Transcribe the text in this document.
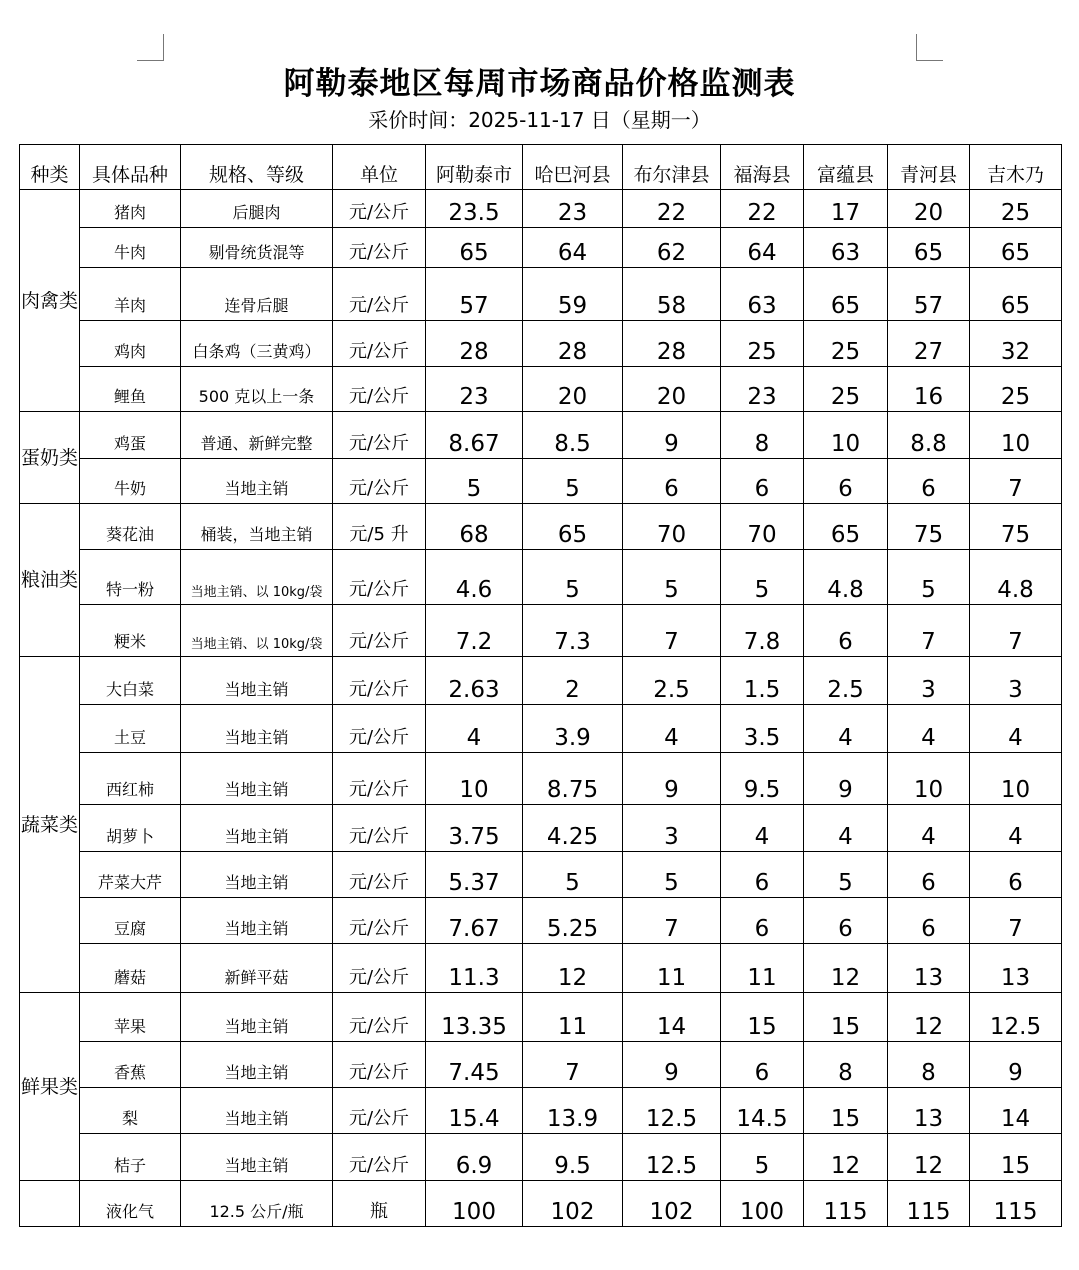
阿勒泰地区每周市场商品价格监测表
采价时间：2025-11-17 日（星期一）
种类	具体品种	规格、等级	单位	阿勒泰市	哈巴河县	布尔津县	福海县	富蕴县	青河县	吉木乃
肉禽类	猪肉	后腿肉	元/公斤	23.5	23	22	22	17	20	25
	牛肉	剔骨统货混等	元/公斤	65	64	62	64	63	65	65
	羊肉	连骨后腿	元/公斤	57	59	58	63	65	57	65
	鸡肉	白条鸡（三黄鸡）	元/公斤	28	28	28	25	25	27	32
	鲤鱼	500 克以上一条	元/公斤	23	20	20	23	25	16	25
蛋奶类	鸡蛋	普通、新鲜完整	元/公斤	8.67	8.5	9	8	10	8.8	10
	牛奶	当地主销	元/公斤	5	5	6	6	6	6	7
粮油类	葵花油	桶装，当地主销	元/5 升	68	65	70	70	65	75	75
	特一粉	当地主销、以 10kg/袋	元/公斤	4.6	5	5	5	4.8	5	4.8
	粳米	当地主销、以 10kg/袋	元/公斤	7.2	7.3	7	7.8	6	7	7
蔬菜类	大白菜	当地主销	元/公斤	2.63	2	2.5	1.5	2.5	3	3
	土豆	当地主销	元/公斤	4	3.9	4	3.5	4	4	4
	西红柿	当地主销	元/公斤	10	8.75	9	9.5	9	10	10
	胡萝卜	当地主销	元/公斤	3.75	4.25	3	4	4	4	4
	芹菜大芹	当地主销	元/公斤	5.37	5	5	6	5	6	6
	豆腐	当地主销	元/公斤	7.67	5.25	7	6	6	6	7
	蘑菇	新鲜平菇	元/公斤	11.3	12	11	11	12	13	13
鲜果类	苹果	当地主销	元/公斤	13.35	11	14	15	15	12	12.5
	香蕉	当地主销	元/公斤	7.45	7	9	6	8	8	9
	梨	当地主销	元/公斤	15.4	13.9	12.5	14.5	15	13	14
	桔子	当地主销	元/公斤	6.9	9.5	12.5	5	12	12	15
	液化气	12.5 公斤/瓶	瓶	100	102	102	100	115	115	115
